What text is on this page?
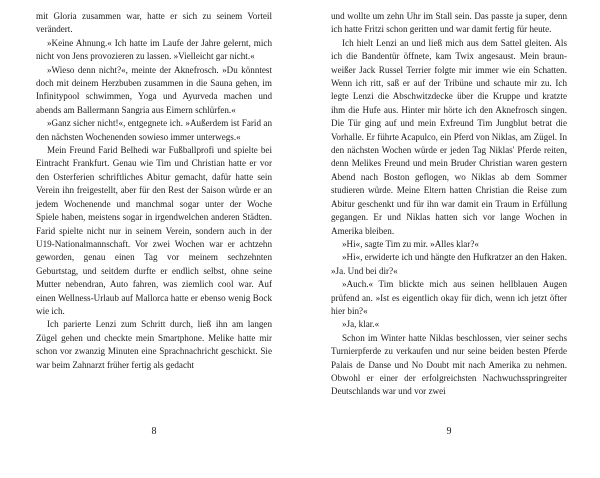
mit Gloria zusammen war, hatte er sich zu seinem Vorteil verändert.

»Keine Ahnung.« Ich hatte im Laufe der Jahre gelernt, mich nicht von Jens provozieren zu lassen. »Vielleicht gar nicht.«

»Wieso denn nicht?«, meinte der Aknefrosch. »Du könntest doch mit deinem Herzbuben zusammen in die Sauna gehen, im Infinitypool schwimmen, Yoga und Ayurveda machen und abends am Ballermann Sangria aus Eimern schlürfen.«

»Ganz sicher nicht!«, entgegnete ich. »Außerdem ist Farid an den nächsten Wochenenden sowieso immer unterwegs.«

Mein Freund Farid Belhedi war Fußballprofi und spielte bei Eintracht Frankfurt. Genau wie Tim und Christian hatte er vor den Osterferien schriftliches Abitur gemacht, dafür hatte sein Verein ihn freigestellt, aber für den Rest der Saison würde er an jedem Wochenende und manchmal sogar unter der Woche Spiele haben, meistens sogar in irgendwelchen anderen Städten. Farid spielte nicht nur in seinem Verein, sondern auch in der U19-Nationalmannschaft. Vor zwei Wochen war er achtzehn geworden, genau einen Tag vor meinem sechzehnten Geburtstag, und seitdem durfte er endlich selbst, ohne seine Mutter nebendran, Auto fahren, was ziemlich cool war. Auf einen Wellness-Urlaub auf Mallorca hatte er ebenso wenig Bock wie ich.

Ich parierte Lenzi zum Schritt durch, ließ ihn am langen Zügel gehen und checkte mein Smartphone. Melike hatte mir schon vor zwanzig Minuten eine Sprachnachricht geschickt. Sie war beim Zahnarzt früher fertig als gedacht

8

und wollte um zehn Uhr im Stall sein. Das passte ja super, denn ich hatte Fritzi schon geritten und war damit fertig für heute.

Ich hielt Lenzi an und ließ mich aus dem Sattel gleiten. Als ich die Bandentür öffnete, kam Twix angesaust. Mein braun-weißer Jack Russel Terrier folgte mir immer wie ein Schatten. Wenn ich ritt, saß er auf der Tribüne und schaute mir zu. Ich legte Lenzi die Abschwitzdecke über die Kruppe und kratzte ihm die Hufe aus. Hinter mir hörte ich den Aknefrosch singen. Die Tür ging auf und mein Exfreund Tim Jungblut betrat die Vorhalle. Er führte Acapulco, ein Pferd von Niklas, am Zügel. In den nächsten Wochen würde er jeden Tag Niklas' Pferde reiten, denn Melikes Freund und mein Bruder Christian waren gestern Abend nach Boston geflogen, wo Niklas ab dem Sommer studieren würde. Meine Eltern hatten Christian die Reise zum Abitur geschenkt und für ihn war damit ein Traum in Erfüllung gegangen. Er und Niklas hatten sich vor lange Wochen in Amerika bleiben.

»Hi«, sagte Tim zu mir. »Alles klar?«

»Hi«, erwiderte ich und hängte den Hufkratzer an den Haken. »Ja. Und bei dir?«

»Auch.« Tim blickte mich aus seinen hellblauen Augen prüfend an. »Ist es eigentlich okay für dich, wenn ich jetzt öfter hier bin?«

»Ja, klar.«

Schon im Winter hatte Niklas beschlossen, vier seiner sechs Turnierpferde zu verkaufen und nur seine beiden besten Pferde Palais de Danse und No Doubt mit nach Amerika zu nehmen. Obwohl er einer der erfolgreichsten Nachwuchsspringreiter Deutschlands war und vor zwei

9
